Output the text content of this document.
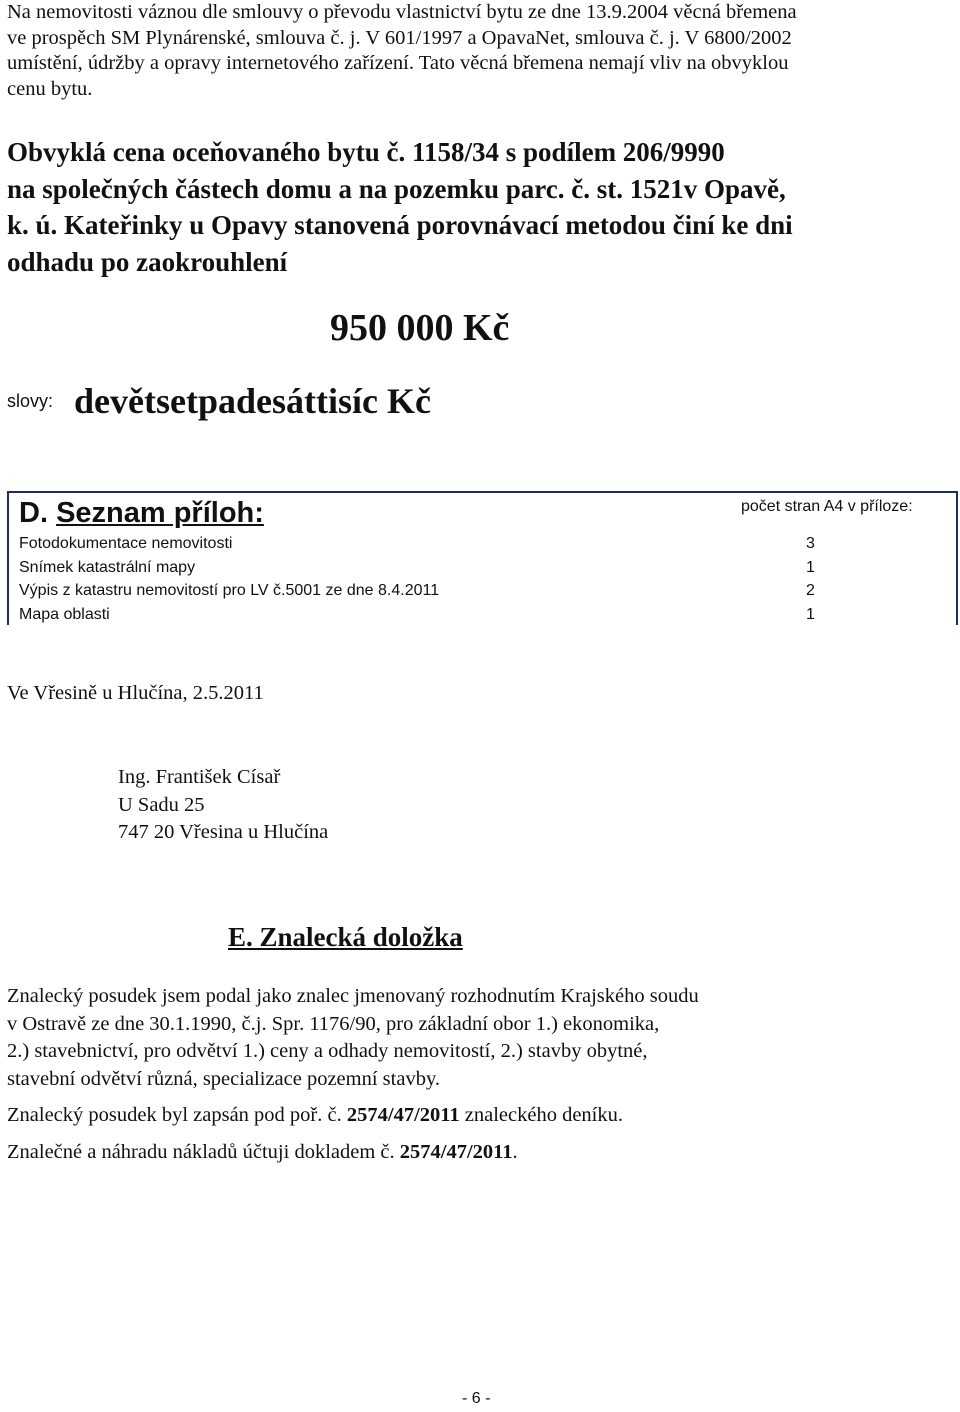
Na nemovitosti váznou dle smlouvy o převodu vlastnictví bytu ze dne 13.9.2004 věcná břemena
ve prospěch SM Plynárenské, smlouva č. j. V 601/1997 a OpavaNet, smlouva č. j. V 6800/2002
umístění, údržby a opravy internetového zařízení. Tato věcná břemena nemají vliv na obvyklou
cenu bytu.
Obvyklá cena oceňovaného bytu č. 1158/34 s podílem 206/9990
na společných částech domu a na pozemku parc. č. st. 1521v Opavě,
k. ú. Kateřinky u Opavy stanovená porovnávací metodou činí ke dni
odhadu po zaokrouhlení
950 000 Kč
slovy: devětsetpadesáttisíc Kč
D. Seznam příloh:	počet stran A4 v příloze:
Fotodokumentace nemovitosti	3
Snímek katastrální mapy	1
Výpis z katastru nemovitostí pro LV č.5001 ze dne 8.4.2011	2
Mapa oblasti	1
Ve Vřesině u Hlučína, 2.5.2011
Ing. František Císař
U Sadu 25
747 20 Vřesina u Hlučína
E. Znalecká doložka
Znalecký posudek jsem podal jako znalec jmenovaný rozhodnutím Krajského soudu
v Ostravě ze dne 30.1.1990, č.j. Spr. 1176/90, pro základní obor 1.) ekonomika,
2.) stavebnictví, pro odvětví 1.) ceny a odhady nemovitostí, 2.) stavby obytné,
stavební odvětví různá, specializace pozemní stavby.
Znalecký posudek byl zapsán pod poř. č. 2574/47/2011 znaleckého deníku.
Znalečné a náhradu nákladů účtuji dokladem č. 2574/47/2011.
- 6 -
